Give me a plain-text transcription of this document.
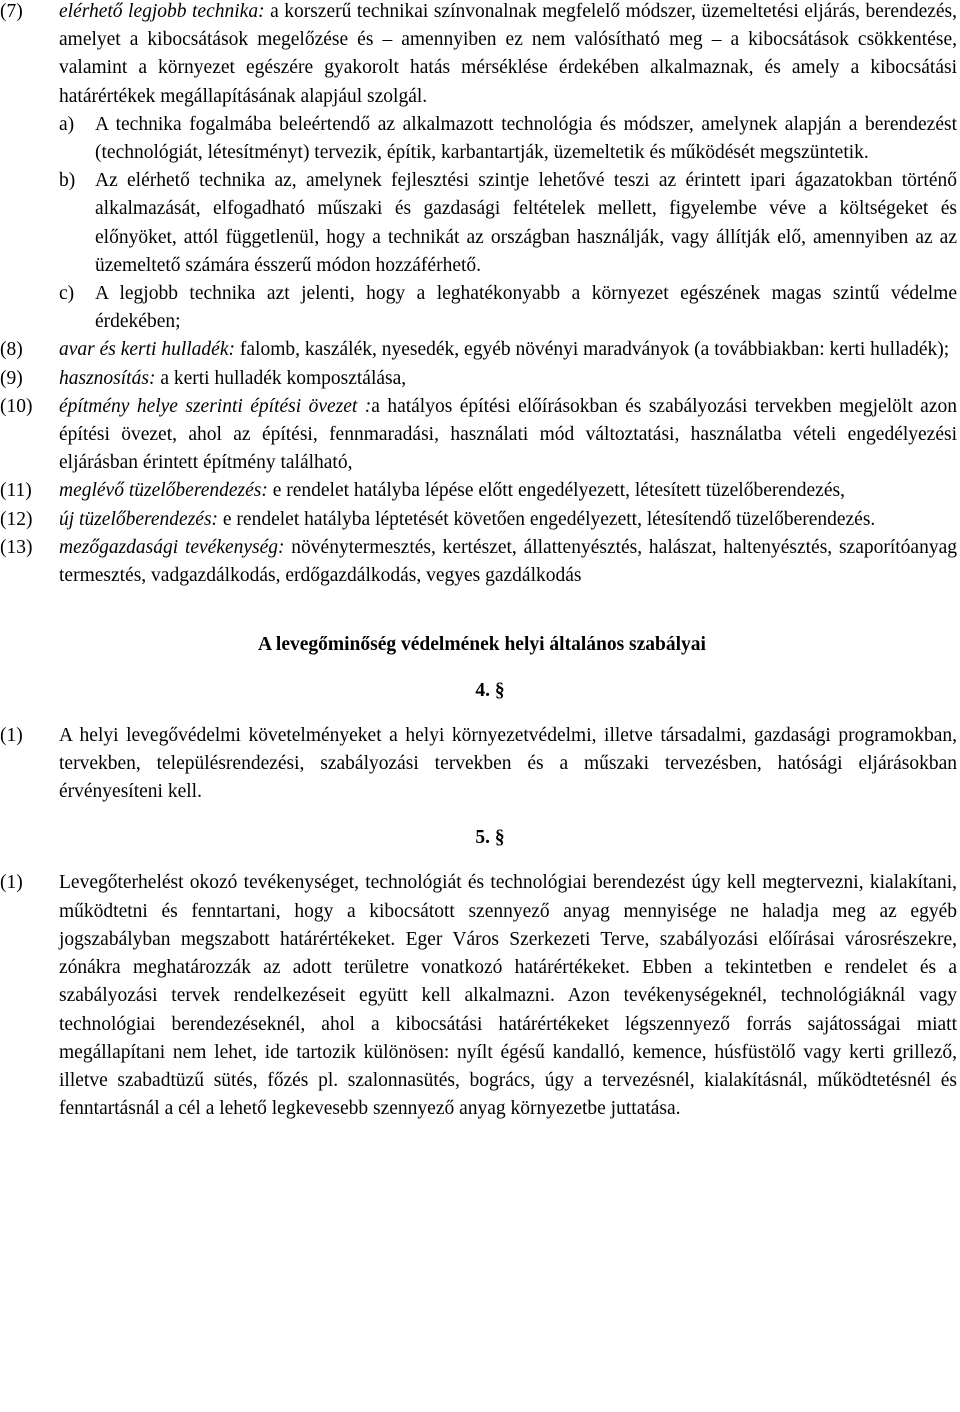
(7) elérhető legjobb technika: a korszerű technikai színvonalnak megfelelő módszer, üzemeltetési eljárás, berendezés, amelyet a kibocsátások megelőzése és – amennyiben ez nem valósítható meg – a kibocsátások csökkentése, valamint a környezet egészére gyakorolt hatás mérséklése érdekében alkalmaznak, és amely a kibocsátási határértékek megállapításának alapjául szolgál.
a) A technika fogalmába beleértendő az alkalmazott technológia és módszer, amelynek alapján a berendezést (technológiát, létesítményt) tervezik, építik, karbantartják, üzemeltetik és működését megszüntetik.
b) Az elérhető technika az, amelynek fejlesztési szintje lehetővé teszi az érintett ipari ágazatokban történő alkalmazását, elfogadható műszaki és gazdasági feltételek mellett, figyelembe véve a költségeket és előnyöket, attól függetlenül, hogy a technikát az országban használják, vagy állítják elő, amennyiben az az üzemeltető számára ésszerű módon hozzáférhető.
c) A legjobb technika azt jelenti, hogy a leghatékonyabb a környezet egészének magas szintű védelme érdekében;
(8) avar és kerti hulladék: falomb, kaszálék, nyesedék, egyéb növényi maradványok (a továbbiakban: kerti hulladék);
(9) hasznosítás: a kerti hulladék komposztálása,
(10) építmény helye szerinti építési övezet :a hatályos építési előírásokban és szabályozási tervekben megjelölt azon építési övezet, ahol az építési, fennmaradási, használati mód változtatási, használatba vételi engedélyezési eljárásban érintett építmény található,
(11) meglévő tüzelőberendezés: e rendelet hatályba lépése előtt engedélyezett, létesített tüzelőberendezés,
(12) új tüzelőberendezés: e rendelet hatályba léptetését követően engedélyezett, létesítendő tüzelőberendezés.
(13) mezőgazdasági tevékenység: növénytermesztés, kertészet, állattenyésztés, halászat, haltenyésztés, szaporítóanyag termesztés, vadgazdálkodás, erdőgazdálkodás, vegyes gazdálkodás
A levegőminőség védelmének helyi általános szabályai
4. §
(1) A helyi levegővédelmi követelményeket a helyi környezetvédelmi, illetve társadalmi, gazdasági programokban, tervekben, településrendezési, szabályozási tervekben és a műszaki tervezésben, hatósági eljárásokban érvényesíteni kell.
5. §
(1) Levegőterhelést okozó tevékenységet, technológiát és technológiai berendezést úgy kell megtervezni, kialakítani, működtetni és fenntartani, hogy a kibocsátott szennyező anyag mennyisége ne haladja meg az egyéb jogszabályban megszabott határértékeket. Eger Város Szerkezeti Terve, szabályozási előírásai városrészekre, zónákra meghatározzák az adott területre vonatkozó határértékeket. Ebben a tekintetben e rendelet és a szabályozási tervek rendelkezéseit együtt kell alkalmazni. Azon tevékenységeknél, technológiáknál vagy technológiai berendezéseknél, ahol a kibocsátási határértékeket légszennyező forrás sajátosságai miatt megállapítani nem lehet, ide tartozik különösen: nyílt égésű kandalló, kemence, húsfüstölő vagy kerti grillező, illetve szabadtüzű sütés, főzés pl. szalonnasütés, bogrács, úgy a tervezésnél, kialakításnál, működtetésnél és fenntartásnál a cél a lehető legkevesebb szennyező anyag környezetbe juttatása.
